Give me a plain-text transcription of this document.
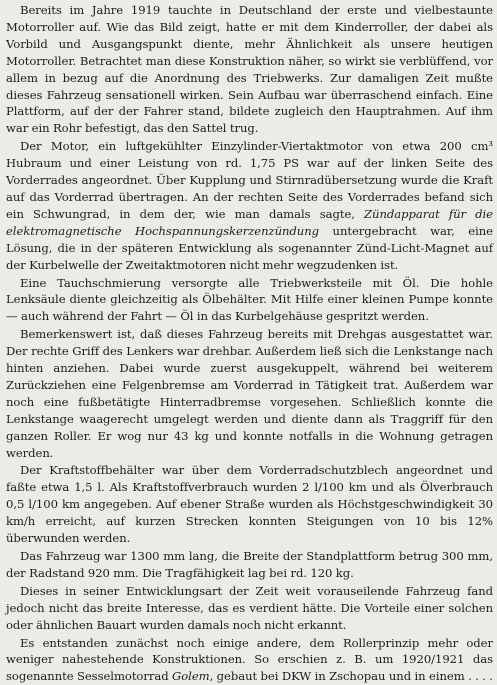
Bereits im Jahre 1919 tauchte in Deutschland der erste und vielbestaunte Motorroller auf. Wie das Bild zeigt, hatte er mit dem Kinderroller, der dabei als Vorbild und Ausgangspunkt diente, mehr Ähnlichkeit als unsere heutigen Motorroller. Betrachtet man diese Konstruktion näher, so wirkt sie verblüffend, vor allem in bezug auf die Anordnung des Triebwerks. Zur damaligen Zeit mußte dieses Fahrzeug sensationell wirken. Sein Aufbau war überraschend einfach. Eine Plattform, auf der der Fahrer stand, bildete zugleich den Hauptrahmen. Auf ihm war ein Rohr befestigt, das den Sattel trug.

Der Motor, ein luftgekühlter Einzylinder-Viertaktmotor von etwa 200 cm³ Hubraum und einer Leistung von rd. 1,75 PS war auf der linken Seite des Vorderrades angeordnet. Über Kupplung und Stirnradübersetzung wurde die Kraft auf das Vorderrad übertragen. An der rechten Seite des Vorderrades befand sich ein Schwungrad, in dem der, wie man damals sagte, Zündapparat für die elektromagnetische Hochspannungskerzenzündung untergebracht war, eine Lösung, die in der späteren Entwicklung als sogenannter Zünd-Licht-Magnet auf der Kurbelwelle der Zweitaktmotoren nicht mehr wegzudenken ist.

Eine Tauchschmierung versorgte alle Triebwerksteile mit Öl. Die hohle Lenksäule diente gleichzeitig als Ölbehälter. Mit Hilfe einer kleinen Pumpe konnte — auch während der Fahrt — Öl in das Kurbelgehäuse gespritzt werden.

Bemerkenswert ist, daß dieses Fahrzeug bereits mit Drehgas ausgestattet war. Der rechte Griff des Lenkers war drehbar. Außerdem ließ sich die Lenkstange nach hinten anziehen. Dabei wurde zuerst ausgekuppelt, während bei weiterem Zurückziehen eine Felgenbremse am Vorderrad in Tätigkeit trat. Außerdem war noch eine fußbetätigte Hinterradbremse vorgesehen. Schließlich konnte die Lenkstange waagerecht umgelegt werden und diente dann als Traggriff für den ganzen Roller. Er wog nur 43 kg und konnte notfalls in die Wohnung getragen werden.

Der Kraftstoffbehälter war über dem Vorderradschutzblech angeordnet und faßte etwa 1,5 l. Als Kraftstoffverbrauch wurden 2 l/100 km und als Ölverbrauch 0,5 l/100 km angegeben. Auf ebener Straße wurden als Höchstgeschwindigkeit 30 km/h erreicht, auf kurzen Strecken konnten Steigungen von 10 bis 12% überwunden werden.

Das Fahrzeug war 1300 mm lang, die Breite der Standplattform betrug 300 mm, der Radstand 920 mm. Die Tragfähigkeit lag bei rd. 120 kg.

Dieses in seiner Entwicklungsart der Zeit weit vorauseilende Fahrzeug fand jedoch nicht das breite Interesse, das es verdient hätte. Die Vorteile einer solchen oder ähnlichen Bauart wurden damals noch nicht erkannt.

Es entstanden zunächst noch einige andere, dem Rollerprinzip mehr oder weniger nahestehende Konstruktionen. So erschien z. B. um 1920/1921 das sogenannte Sesselmotorrad Golem, gebaut bei DKW in Zschopau und in einem . . . .
